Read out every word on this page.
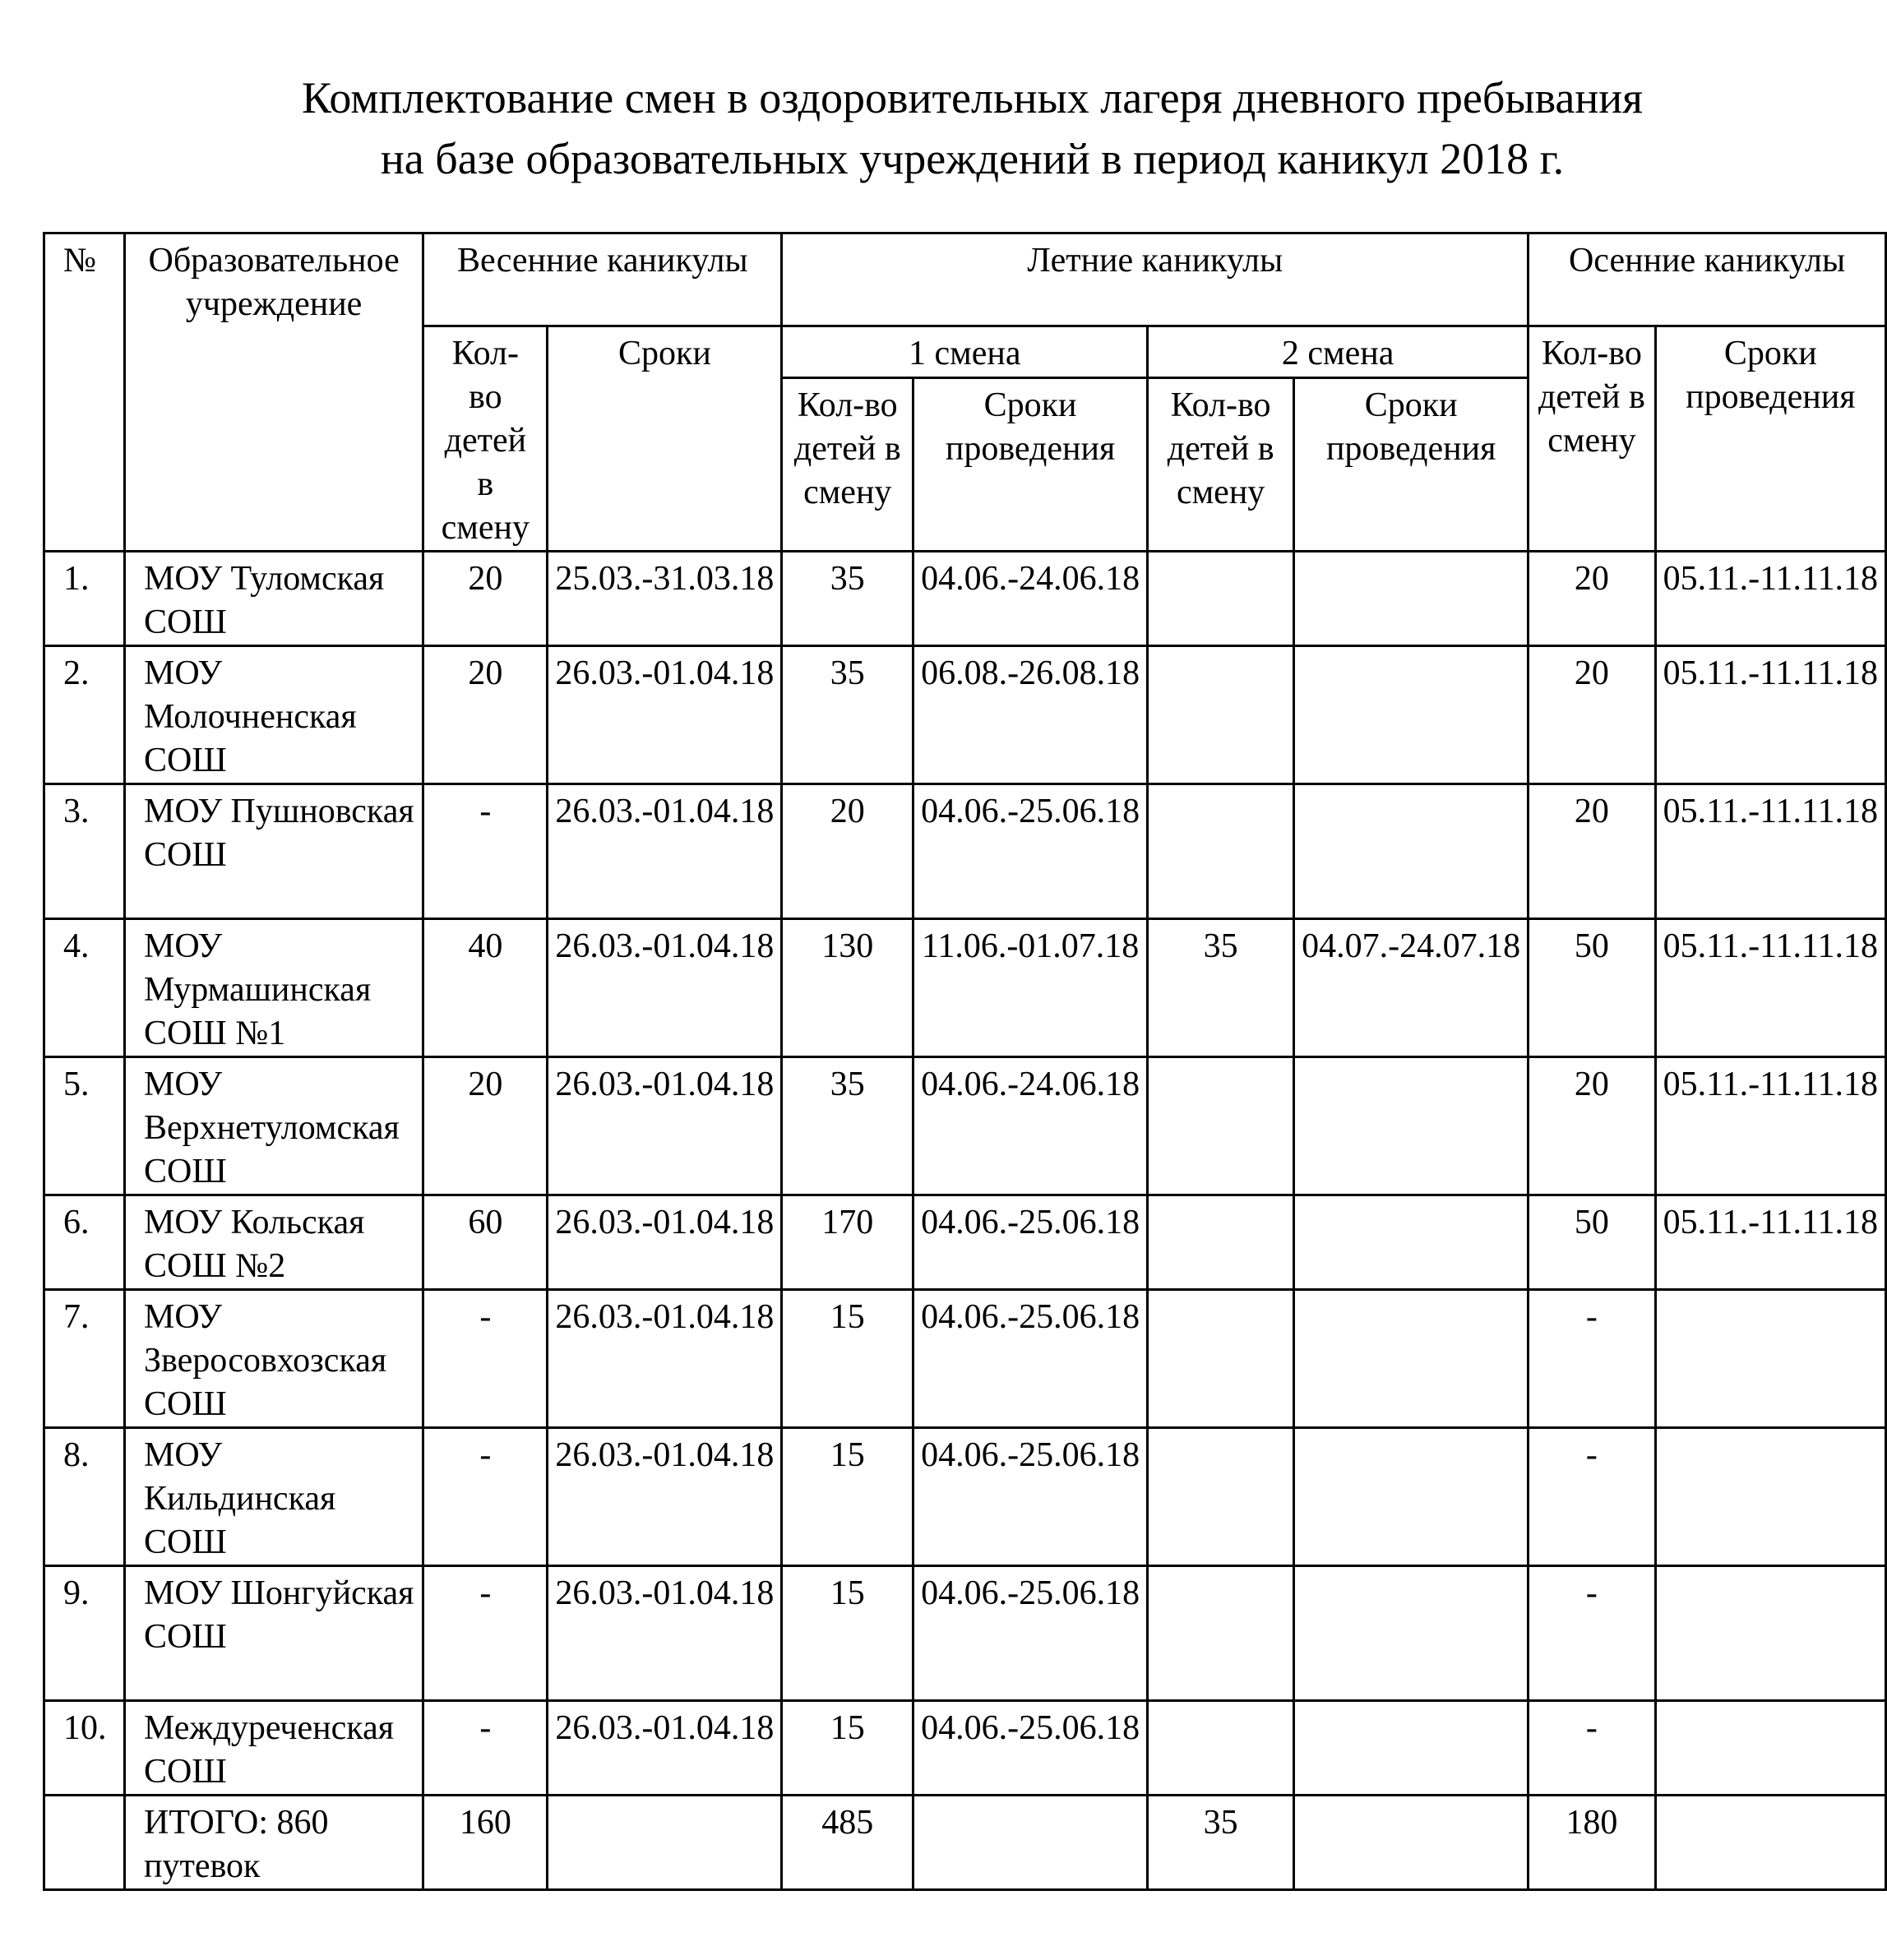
Комплектование смен в оздоровительных лагеря дневного пребывания
на базе образовательных учреждений в период каникул 2018 г.
№	Образовательное учреждение	Весенние каникулы		Летние каникулы				Осенние каникулы	

		Кол-во детей в смену	Сроки	1 смена		2 смена		Кол-во детей в смену	Сроки проведения
				Кол-во детей в смену	Сроки проведения	Кол-во детей в смену	Сроки проведения		
1.	МОУ Туломская СОШ	20	25.03.-31.03.18	35	04.06.-24.06.18			20	05.11.-11.11.18
2.	МОУ Молочненская СОШ	20	26.03.-01.04.18	35	06.08.-26.08.18			20	05.11.-11.11.18
3.	МОУ Пушновская СОШ	-	26.03.-01.04.18	20	04.06.-25.06.18			20	05.11.-11.11.18
4.	МОУ Мурмашинская СОШ №1	40	26.03.-01.04.18	130	11.06.-01.07.18	35	04.07.-24.07.18	50	05.11.-11.11.18
5.	МОУ Верхнетуломская СОШ	20	26.03.-01.04.18	35	04.06.-24.06.18			20	05.11.-11.11.18
6.	МОУ Кольская СОШ №2	60	26.03.-01.04.18	170	04.06.-25.06.18			50	05.11.-11.11.18
7.	МОУ Зверосовхозская СОШ	-	26.03.-01.04.18	15	04.06.-25.06.18			-	
8.	МОУ Кильдинская СОШ	-	26.03.-01.04.18	15	04.06.-25.06.18			-	
9.	МОУ Шонгуйская СОШ	-	26.03.-01.04.18	15	04.06.-25.06.18			-	
10.	Междуреченская СОШ	-	26.03.-01.04.18	15	04.06.-25.06.18			-	
	ИТОГО: 860 путевок	160		485		35		180	
